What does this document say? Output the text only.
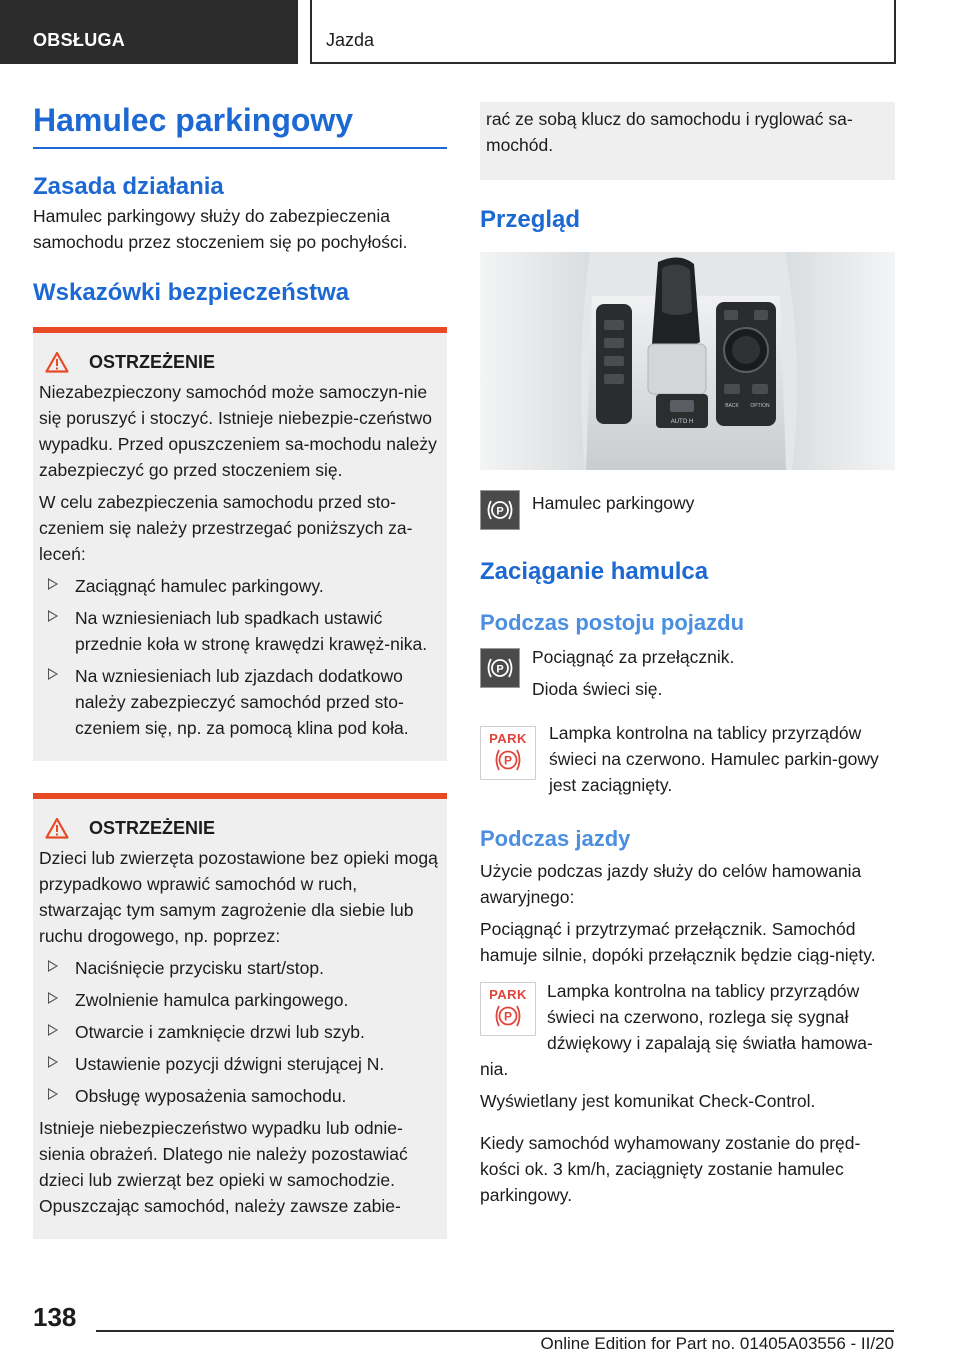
OBSŁUGA	Jazda
Hamulec parkingowy
Zasada działania

Hamulec parkingowy służy do zabezpieczenia samochodu przez stoczeniem się po pochyłości.

Wskazówki bezpieczeństwa
OSTRZEŻENIE

Niezabezpieczony samochód może samoczyn-nie się poruszyć i stoczyć. Istnieje niebezpie-czeństwo wypadku. Przed opuszczeniem sa-mochodu należy zabezpieczyć go przed stoczeniem się.

W celu zabezpieczenia samochodu przed sto-czeniem się należy przestrzegać poniższych za-leceń:

Zaciągnąć hamulec parkingowy.
Na wzniesieniach lub spadkach ustawić przednie koła w stronę krawędzi krawęż-nika.
Na wzniesieniach lub zjazdach dodatkowo należy zabezpieczyć samochód przed sto-czeniem się, np. za pomocą klina pod koła.
OSTRZEŻENIE

Dzieci lub zwierzęta pozostawione bez opieki mogą przypadkowo wprawić samochód w ruch, stwarzając tym samym zagrożenie dla siebie lub ruchu drogowego, np. poprzez:

Naciśnięcie przycisku start/stop.
Zwolnienie hamulca parkingowego.
Otwarcie i zamknięcie drzwi lub szyb.
Ustawienie pozycji dźwigni sterującej N.
Obsługę wyposażenia samochodu.

Istnieje niebezpieczeństwo wypadku lub odnie-sienia obrażeń. Dlatego nie należy pozostawiać dzieci lub zwierząt bez opieki w samochodzie. Opuszczając samochód, należy zawsze zabie-

rać ze sobą klucz do samochodu i ryglować sa-mochód.

Przegląd
AUTO H
BACK OPTION
P Hamulec parkingowy

Zaciąganie hamulca
Podczas postoju pojazdu
P

Pociągnąć za przełącznik.

Dioda świeci się.

PARK
P

Lampka kontrolna na tablicy przyrządów świeci na czerwono. Hamulec parkin-gowy jest zaciągnięty.

Podczas jazdy

Użycie podczas jazdy służy do celów hamowania awaryjnego:

Pociągnąć i przytrzymać przełącznik. Samochód hamuje silnie, dopóki przełącznik będzie ciąg-nięty.

PARK
P

Lampka kontrolna na tablicy przyrządów świeci na czerwono, rozlega się sygnał dźwiękowy i zapalają się światła hamowa-nia.

Wyświetlany jest komunikat Check-Control.

Kiedy samochód wyhamowany zostanie do pręd-kości ok. 3 km/h, zaciągnięty zostanie hamulec parkingowy.

138
Online Edition for Part no. 01405A03556 - II/20
